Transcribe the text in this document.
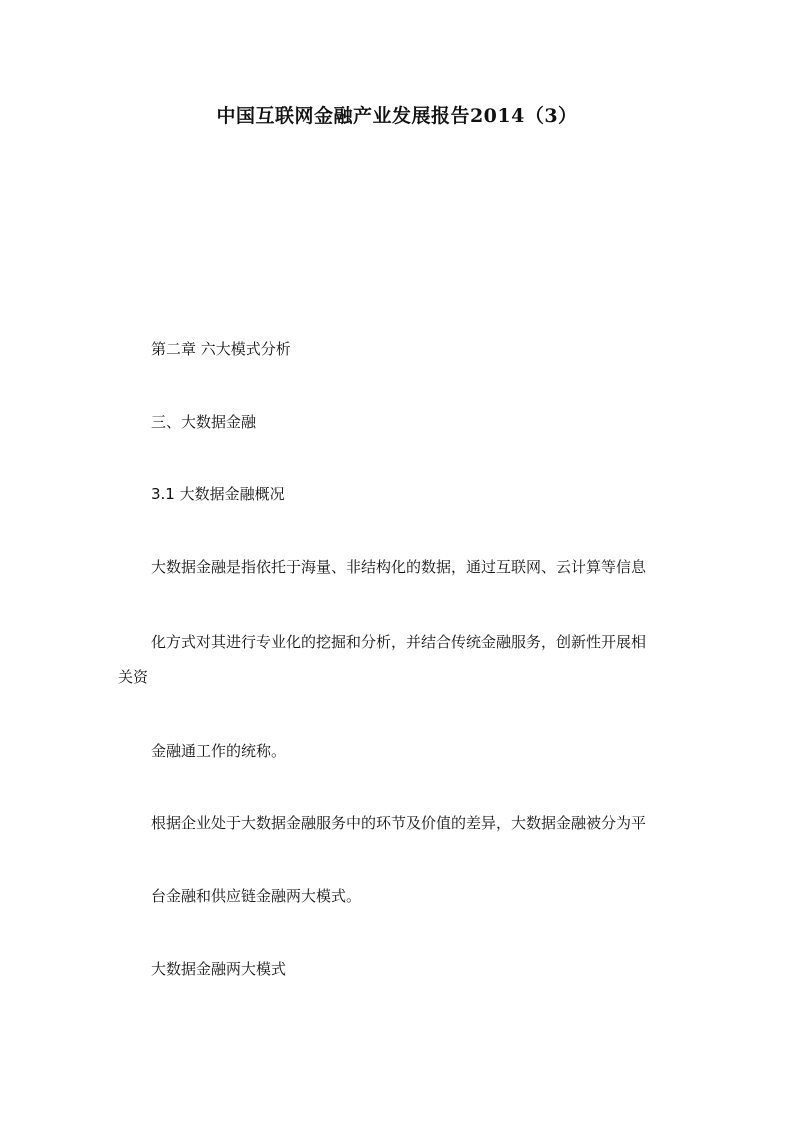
中国互联网金融产业发展报告2014（3）
第二章 六大模式分析
三、大数据金融
3.1 大数据金融概况
大数据金融是指依托于海量、非结构化的数据，通过互联网、云计算等信息
化方式对其进行专业化的挖掘和分析，并结合传统金融服务，创新性开展相
关资
金融通工作的统称。
根据企业处于大数据金融服务中的环节及价值的差异，大数据金融被分为平
台金融和供应链金融两大模式。
大数据金融两大模式
